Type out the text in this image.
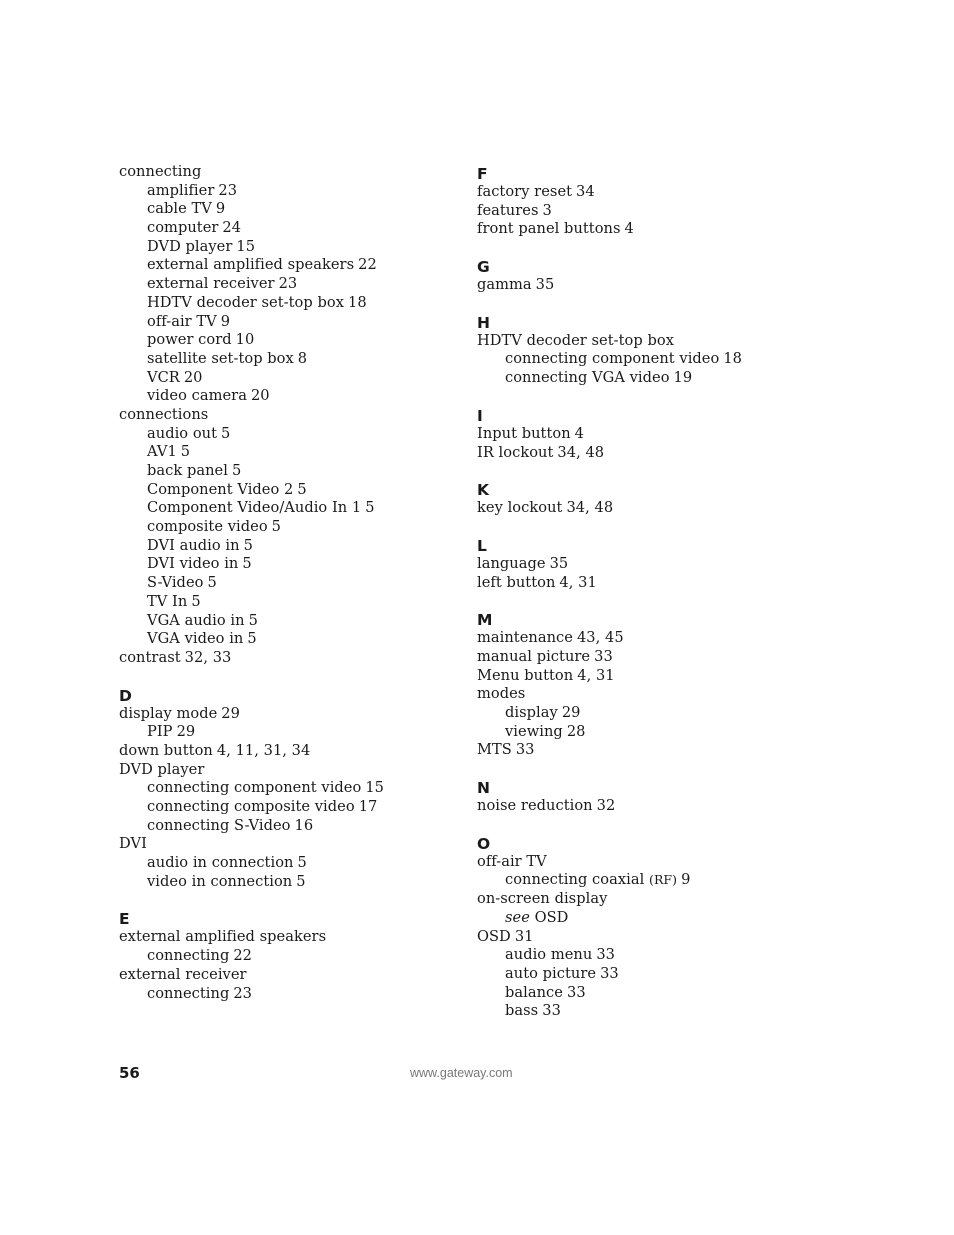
connecting
amplifier 23
cable TV 9
computer 24
DVD player 15
external amplified speakers 22
external receiver 23
HDTV decoder set-top box 18
off-air TV 9
power cord 10
satellite set-top box 8
VCR 20
video camera 20
connections
audio out 5
AV1 5
back panel 5
Component Video 2 5
Component Video/Audio In 1 5
composite video 5
DVI audio in 5
DVI video in 5
S-Video 5
TV In 5
VGA audio in 5
VGA video in 5
contrast 32, 33
D
display mode 29
PIP 29
down button 4, 11, 31, 34
DVD player
connecting component video 15
connecting composite video 17
connecting S-Video 16
DVI
audio in connection 5
video in connection 5
E
external amplified speakers
connecting 22
external receiver
connecting 23
F
factory reset 34
features 3
front panel buttons 4
G
gamma 35
H
HDTV decoder set-top box
connecting component video 18
connecting VGA video 19
I
Input button 4
IR lockout 34, 48
K
key lockout 34, 48
L
language 35
left button 4, 31
M
maintenance 43, 45
manual picture 33
Menu button 4, 31
modes
display 29
viewing 28
MTS 33
N
noise reduction 32
O
off-air TV
connecting coaxial (RF) 9
on-screen display
see OSD
OSD 31
audio menu 33
auto picture 33
balance 33
bass 33
56	www.gateway.com
